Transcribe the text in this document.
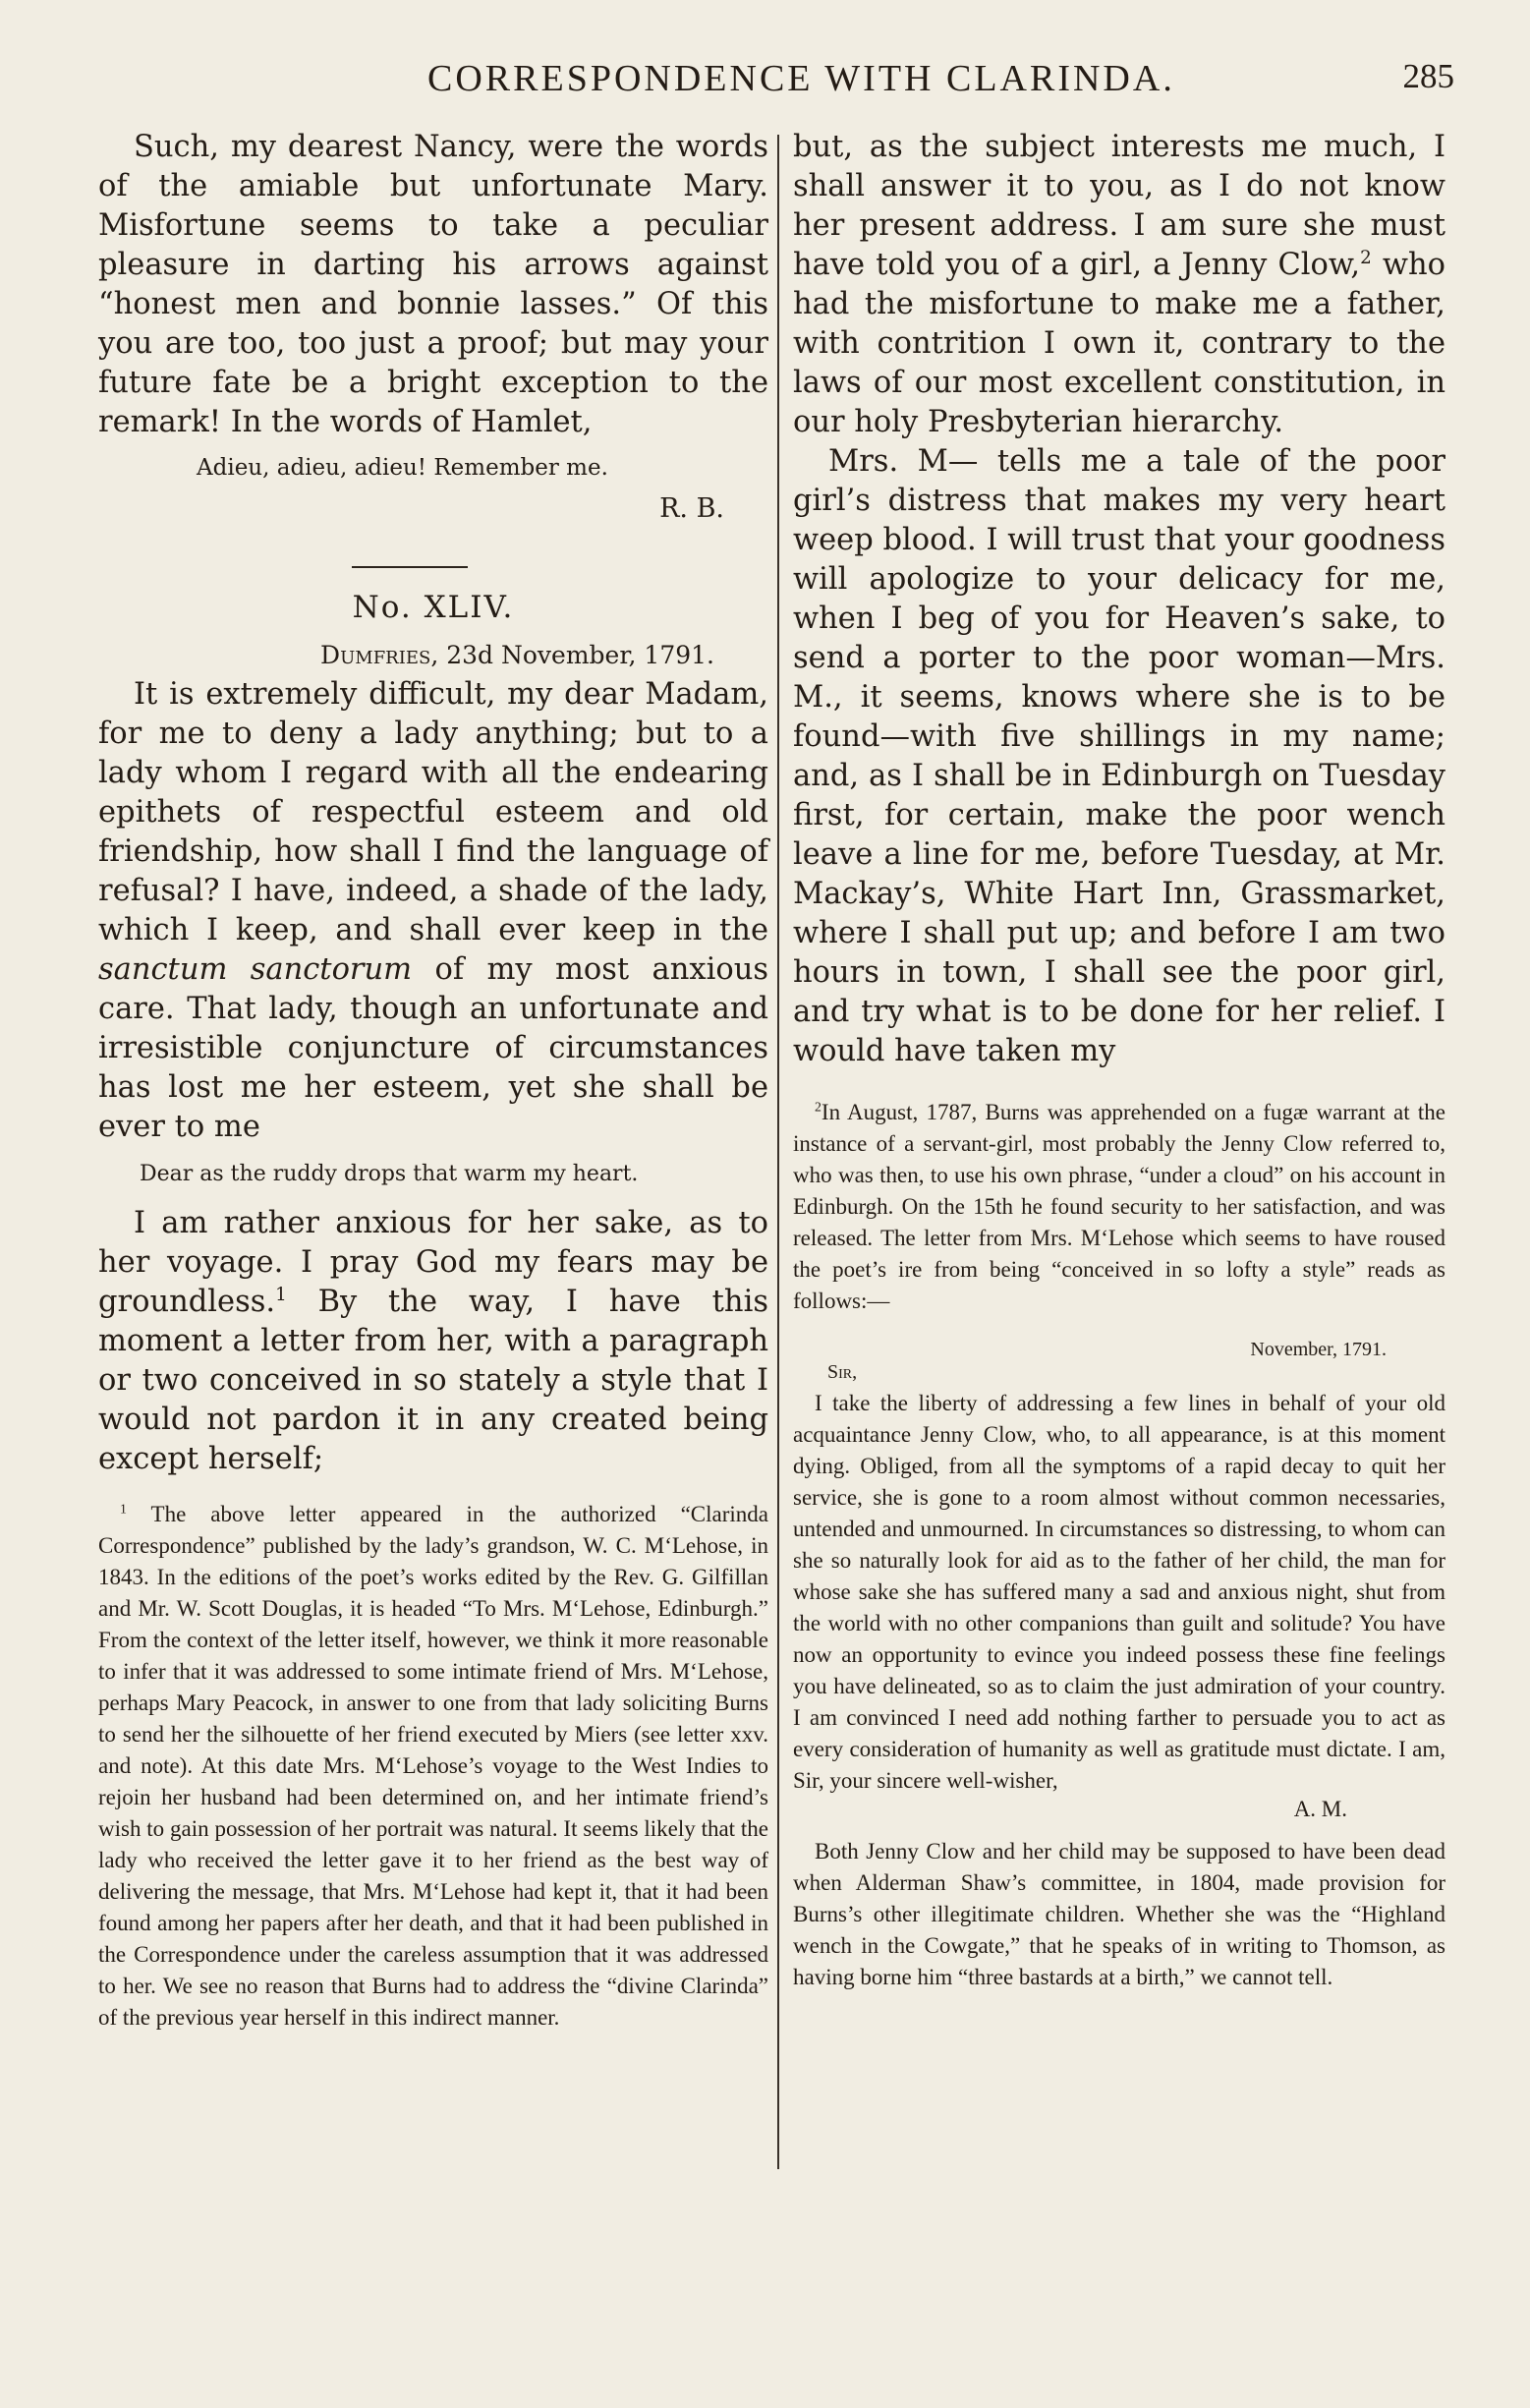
CORRESPONDENCE WITH CLARINDA.	285

Such, my dearest Nancy, were the words of the amiable but unfortunate Mary. Misfortune seems to take a peculiar pleasure in darting his arrows against “honest men and bonnie lasses.” Of this you are too, too just a proof; but may your future fate be a bright exception to the remark! In the words of Hamlet,

Adieu, adieu, adieu! Remember me.

R. B.

No. XLIV.

Dumfries, 23d November, 1791.

It is extremely difficult, my dear Madam, for me to deny a lady anything; but to a lady whom I regard with all the endearing epithets of respectful esteem and old friendship, how shall I find the language of refusal? I have, indeed, a shade of the lady, which I keep, and shall ever keep in the sanctum sanctorum of my most anxious care. That lady, though an unfortunate and irresistible conjuncture of circumstances has lost me her esteem, yet she shall be ever to me

Dear as the ruddy drops that warm my heart.

I am rather anxious for her sake, as to her voyage. I pray God my fears may be groundless.$^1$ By the way, I have this moment a letter from her, with a paragraph or two conceived in so stately a style that I would not pardon it in any created being except herself;

$^1$ The above letter appeared in the authorized “Clarinda Correspondence” published by the lady’s grandson, W. C. M‘Lehose, in 1843. In the editions of the poet’s works edited by the Rev. G. Gilfillan and Mr. W. Scott Douglas, it is headed “To Mrs. M‘Lehose, Edinburgh.” From the context of the letter itself, however, we think it more reasonable to infer that it was addressed to some intimate friend of Mrs. M‘Lehose, perhaps Mary Peacock, in answer to one from that lady soliciting Burns to send her the silhouette of her friend executed by Miers (see letter xxv. and note). At this date Mrs. M‘Lehose’s voyage to the West Indies to rejoin her husband had been determined on, and her intimate friend’s wish to gain possession of her portrait was natural. It seems likely that the lady who received the letter gave it to her friend as the best way of delivering the message, that Mrs. M‘Lehose had kept it, that it had been found among her papers after her death, and that it had been published in the Correspondence under the careless assumption that it was addressed to her. We see no reason that Burns had to address the “divine Clarinda” of the previous year herself in this indirect manner.

but, as the subject interests me much, I shall answer it to you, as I do not know her present address. I am sure she must have told you of a girl, a Jenny Clow,$^2$ who had the misfortune to make me a father, with contrition I own it, contrary to the laws of our most excellent constitution, in our holy Presbyterian hierarchy.

Mrs. M— tells me a tale of the poor girl’s distress that makes my very heart weep blood. I will trust that your goodness will apologize to your delicacy for me, when I beg of you for Heaven’s sake, to send a porter to the poor woman—Mrs. M., it seems, knows where she is to be found—with five shillings in my name; and, as I shall be in Edinburgh on Tuesday first, for certain, make the poor wench leave a line for me, before Tuesday, at Mr. Mackay’s, White Hart Inn, Grassmarket, where I shall put up; and before I am two hours in town, I shall see the poor girl, and try what is to be done for her relief. I would have taken my

$^2$In August, 1787, Burns was apprehended on a fugæ warrant at the instance of a servant-girl, most probably the Jenny Clow referred to, who was then, to use his own phrase, “under a cloud” on his account in Edinburgh. On the 15th he found security to her satisfaction, and was released. The letter from Mrs. M‘Lehose which seems to have roused the poet’s ire from being “conceived in so lofty a style” reads as follows:—

November, 1791.

Sir,

I take the liberty of addressing a few lines in behalf of your old acquaintance Jenny Clow, who, to all appearance, is at this moment dying. Obliged, from all the symptoms of a rapid decay to quit her service, she is gone to a room almost without common necessaries, untended and unmourned. In circumstances so distressing, to whom can she so naturally look for aid as to the father of her child, the man for whose sake she has suffered many a sad and anxious night, shut from the world with no other companions than guilt and solitude? You have now an opportunity to evince you indeed possess these fine feelings you have delineated, so as to claim the just admiration of your country. I am convinced I need add nothing farther to persuade you to act as every consideration of humanity as well as gratitude must dictate. I am, Sir, your sincere well-wisher,

A. M.

Both Jenny Clow and her child may be supposed to have been dead when Alderman Shaw’s committee, in 1804, made provision for Burns’s other illegitimate children. Whether she was the “Highland wench in the Cowgate,” that he speaks of in writing to Thomson, as having borne him “three bastards at a birth,” we cannot tell.
